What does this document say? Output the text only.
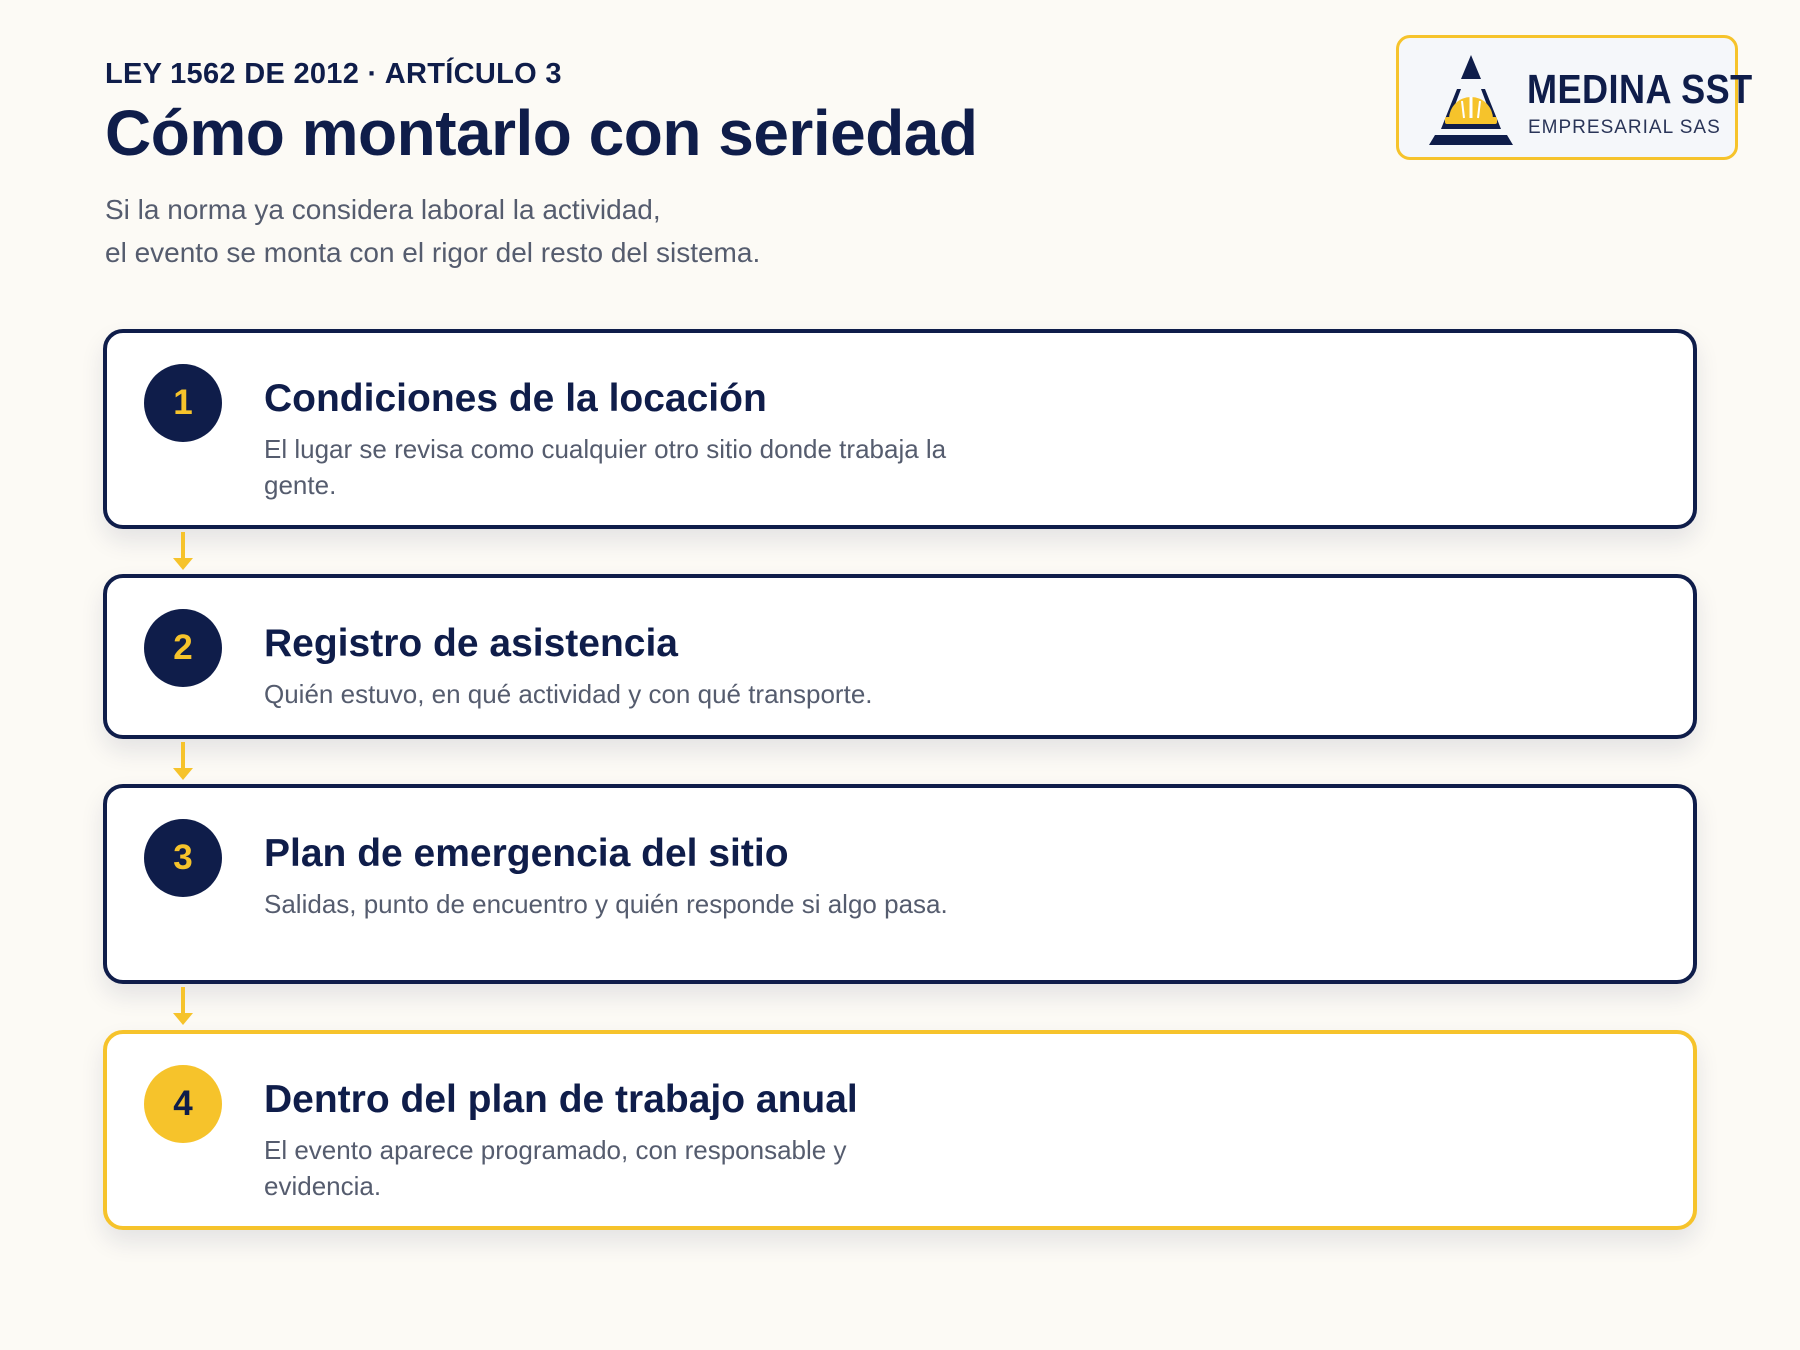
LEY 1562 DE 2012 · ARTÍCULO 3
Cómo montarlo con seriedad
Si la norma ya considera laboral la actividad,
el evento se monta con el rigor del resto del sistema.
MEDINA SST
EMPRESARIAL SAS
1	Condiciones de la locación
El lugar se revisa como cualquier otro sitio donde trabaja la gente.
2	Registro de asistencia
Quién estuvo, en qué actividad y con qué transporte.
3	Plan de emergencia del sitio
Salidas, punto de encuentro y quién responde si algo pasa.
4	Dentro del plan de trabajo anual
El evento aparece programado, con responsable y evidencia.
